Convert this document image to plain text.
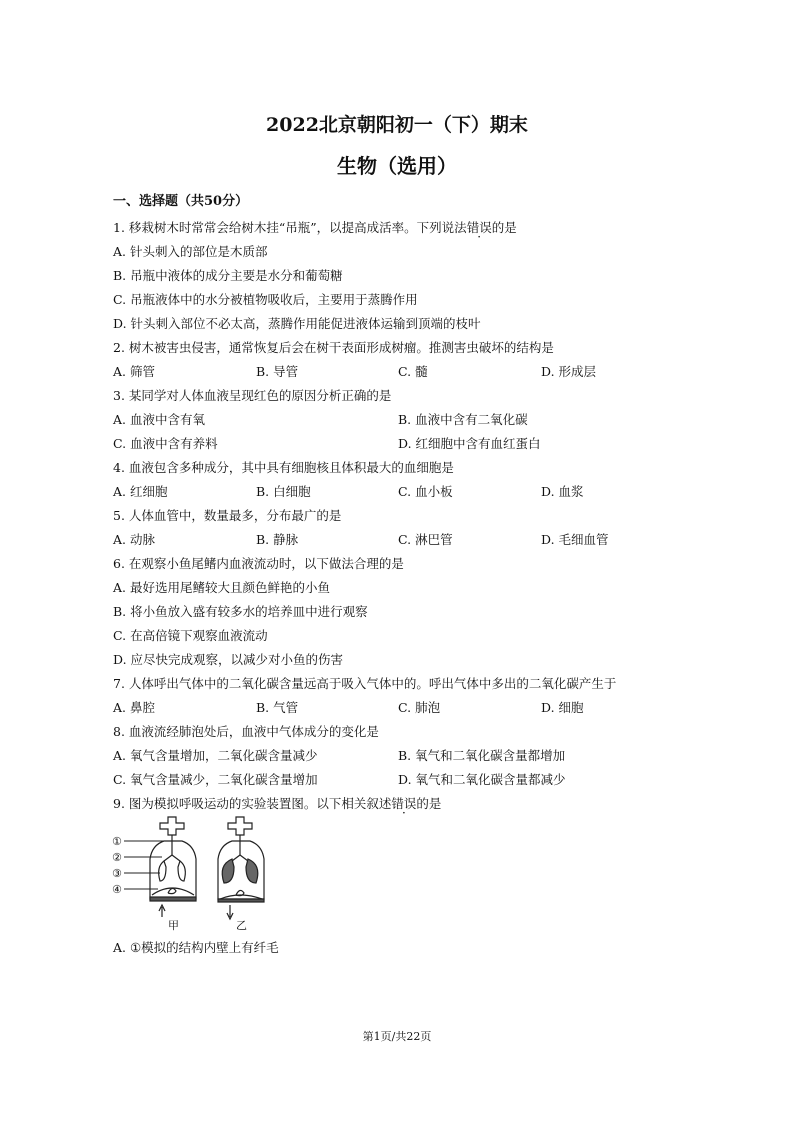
2022北京朝阳初一（下）期末
生物（选用）
一、选择题（共50分）
1. 移栽树木时常常会给树木挂“吊瓶”，以提高成活率。下列说法错误的是
A. 针头刺入的部位是木质部
B. 吊瓶中液体的成分主要是水分和葡萄糖
C. 吊瓶液体中的水分被植物吸收后，主要用于蒸腾作用
D. 针头刺入部位不必太高，蒸腾作用能促进液体运输到顶端的枝叶
2. 树木被害虫侵害，通常恢复后会在树干表面形成树瘤。推测害虫破坏的结构是
A. 筛管	B. 导管	C. 髓	D. 形成层
3. 某同学对人体血液呈现红色的原因分析正确的是
A. 血液中含有氧	B. 血液中含有二氧化碳
C. 血液中含有养料	D. 红细胞中含有血红蛋白
4. 血液包含多种成分，其中具有细胞核且体积最大的血细胞是
A. 红细胞	B. 白细胞	C. 血小板	D. 血浆
5. 人体血管中，数量最多，分布最广的是
A. 动脉	B. 静脉	C. 淋巴管	D. 毛细血管
6. 在观察小鱼尾鳍内血液流动时，以下做法合理的是
A. 最好选用尾鳍较大且颜色鲜艳的小鱼
B. 将小鱼放入盛有较多水的培养皿中进行观察
C. 在高倍镜下观察血液流动
D. 应尽快完成观察，以减少对小鱼的伤害
7. 人体呼出气体中的二氧化碳含量远高于吸入气体中的。呼出气体中多出的二氧化碳产生于
A. 鼻腔	B. 气管	C. 肺泡	D. 细胞
8. 血液流经肺泡处后，血液中气体成分的变化是
A. 氧气含量增加，二氧化碳含量减少	B. 氧气和二氧化碳含量都增加
C. 氧气含量减少，二氧化碳含量增加	D. 氧气和二氧化碳含量都减少
9. 图为模拟呼吸运动的实验装置图。以下相关叙述错误的是
①
②
③
④
甲	乙
A. ①模拟的结构内壁上有纤毛
第1页/共22页
